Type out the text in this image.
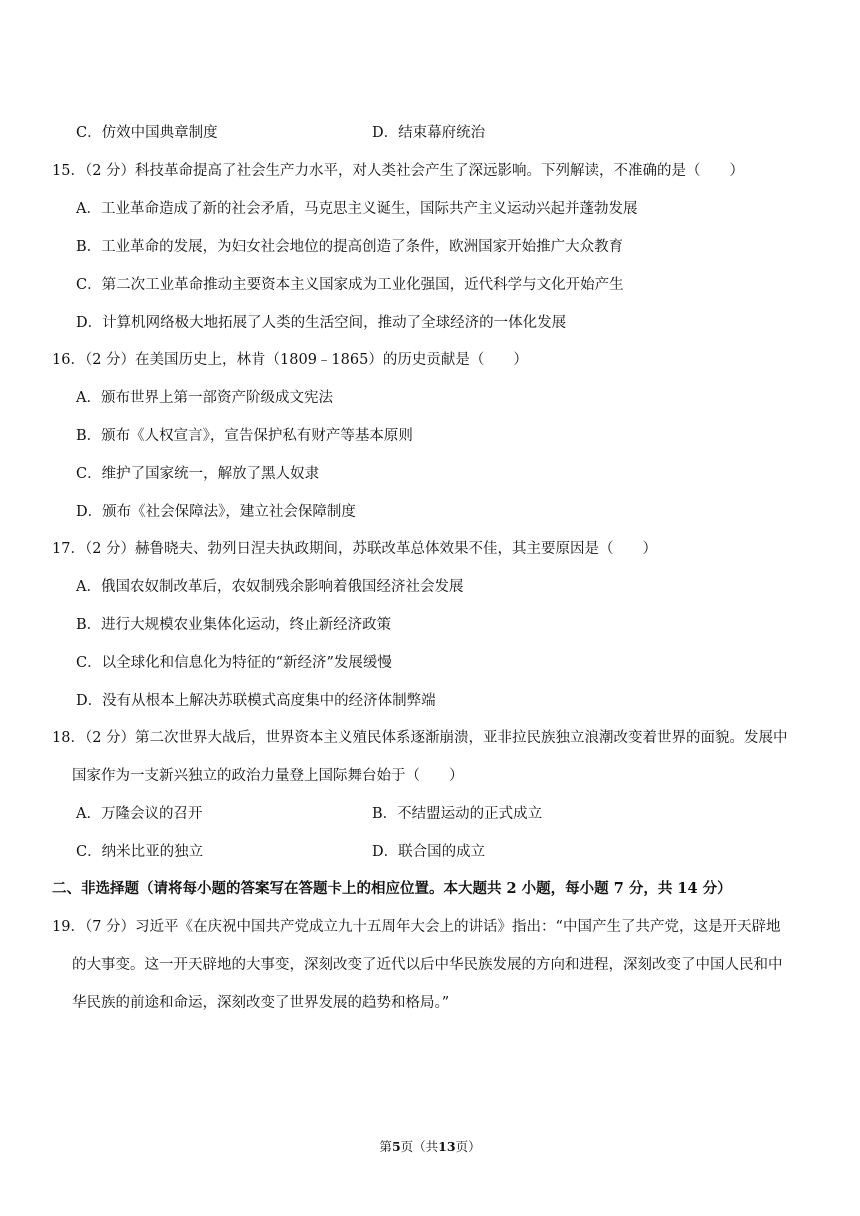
C．仿效中国典章制度	D．结束幕府统治
15．（2 分）科技革命提高了社会生产力水平，对人类社会产生了深远影响。下列解读，不准确的是（　　）
A．工业革命造成了新的社会矛盾，马克思主义诞生，国际共产主义运动兴起并蓬勃发展
B．工业革命的发展，为妇女社会地位的提高创造了条件，欧洲国家开始推广大众教育
C．第二次工业革命推动主要资本主义国家成为工业化强国，近代科学与文化开始产生
D．计算机网络极大地拓展了人类的生活空间，推动了全球经济的一体化发展
16．（2 分）在美国历史上，林肯（1809﹣1865）的历史贡献是（　　）
A．颁布世界上第一部资产阶级成文宪法
B．颁布《人权宣言》，宣告保护私有财产等基本原则
C．维护了国家统一，解放了黑人奴隶
D．颁布《社会保障法》，建立社会保障制度
17．（2 分）赫鲁晓夫、勃列日涅夫执政期间，苏联改革总体效果不佳，其主要原因是（　　）
A．俄国农奴制改革后，农奴制残余影响着俄国经济社会发展
B．进行大规模农业集体化运动，终止新经济政策
C．以全球化和信息化为特征的“新经济”发展缓慢
D．没有从根本上解决苏联模式高度集中的经济体制弊端
18．（2 分）第二次世界大战后，世界资本主义殖民体系逐渐崩溃，亚非拉民族独立浪潮改变着世界的面貌。发展中
国家作为一支新兴独立的政治力量登上国际舞台始于（　　）
A．万隆会议的召开	B．不结盟运动的正式成立
C．纳米比亚的独立	D．联合国的成立
二、非选择题（请将每小题的答案写在答题卡上的相应位置。本大题共 2 小题，每小题 7 分，共 14 分）
19．（7 分）习近平《在庆祝中国共产党成立九十五周年大会上的讲话》指出：“中国产生了共产党，这是开天辟地
的大事变。这一开天辟地的大事变，深刻改变了近代以后中华民族发展的方向和进程，深刻改变了中国人民和中
华民族的前途和命运，深刻改变了世界发展的趋势和格局。”
第5页（共13页）
